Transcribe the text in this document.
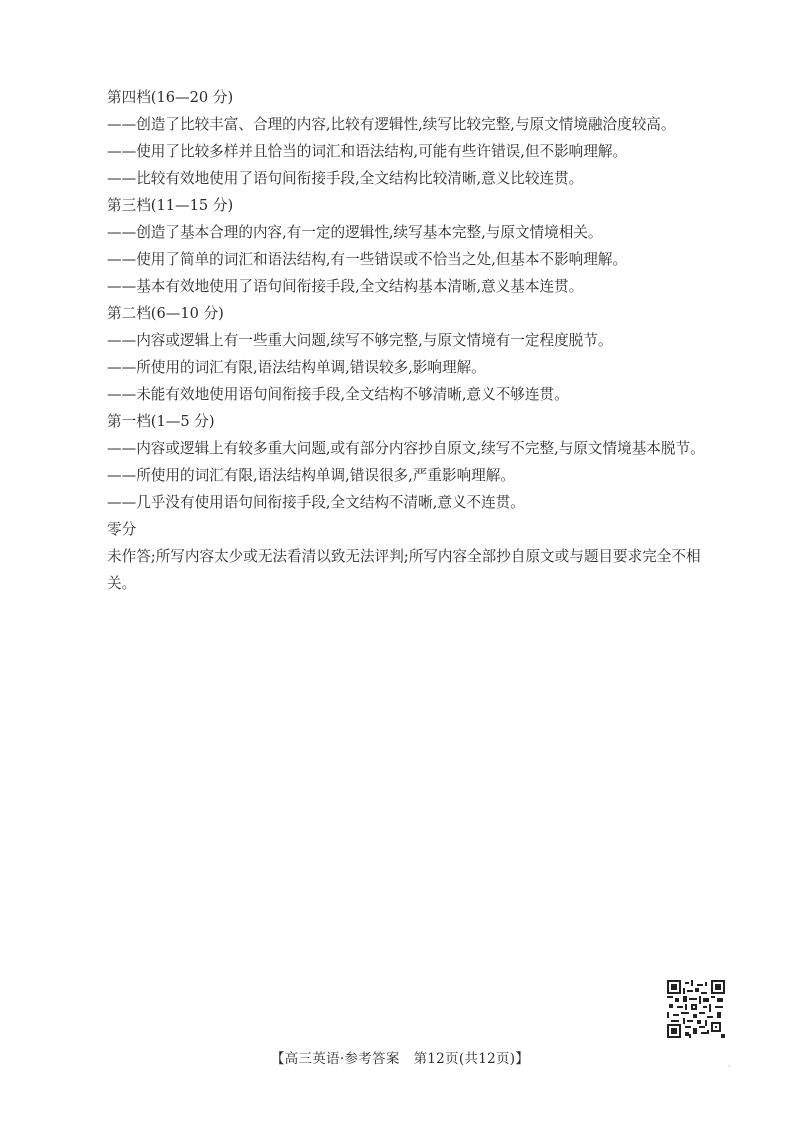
第四档(16—20 分)
——创造了比较丰富、合理的内容,比较有逻辑性,续写比较完整,与原文情境融洽度较高。
——使用了比较多样并且恰当的词汇和语法结构,可能有些许错误,但不影响理解。
——比较有效地使用了语句间衔接手段,全文结构比较清晰,意义比较连贯。
第三档(11—15 分)
——创造了基本合理的内容,有一定的逻辑性,续写基本完整,与原文情境相关。
——使用了简单的词汇和语法结构,有一些错误或不恰当之处,但基本不影响理解。
——基本有效地使用了语句间衔接手段,全文结构基本清晰,意义基本连贯。
第二档(6—10 分)
——内容或逻辑上有一些重大问题,续写不够完整,与原文情境有一定程度脱节。
——所使用的词汇有限,语法结构单调,错误较多,影响理解。
——未能有效地使用语句间衔接手段,全文结构不够清晰,意义不够连贯。
第一档(1—5 分)
——内容或逻辑上有较多重大问题,或有部分内容抄自原文,续写不完整,与原文情境基本脱节。
——所使用的词汇有限,语法结构单调,错误很多,严重影响理解。
——几乎没有使用语句间衔接手段,全文结构不清晰,意义不连贯。
零分
未作答;所写内容太少或无法看清以致无法评判;所写内容全部抄自原文或与题目要求完全不相关。
【高三英语·参考答案　第12页(共12页)】	·
